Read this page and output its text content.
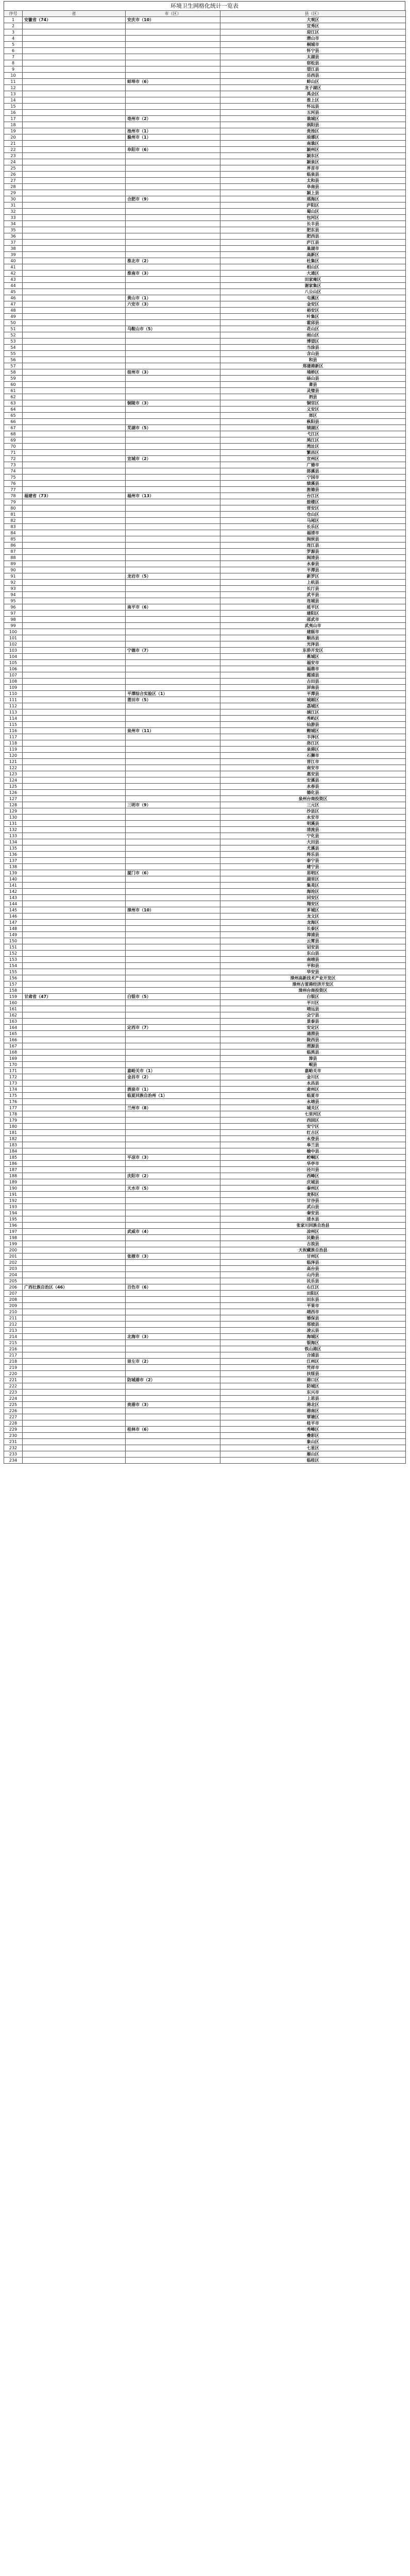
环境卫生网格化统计一览表
序号	省	市（区）	县（区）
1	安徽省（74）	安庆市（10）	大观区
2			宜秀区
3			迎江区
4			潜山市
5			桐城市
6			怀宁县
7			太湖县
8			宿松县
9			望江县
10			岳西县
11		蚌埠市（6）	蚌山区
12			龙子湖区
13			禹会区
14			淮上区
15			怀远县
16			五河县
17		亳州市（2）	谯城区
18			涡阳县
19		池州市（1）	贵池区
20		滁州市（1）	琅琊区
21			南谯区
22		阜阳市（6）	颍州区
23			颍东区
24			颍泉区
25			界首市
26			临泉县
27			太和县
28			阜南县
29			颍上县
30		合肥市（9）	瑶海区
31			庐阳区
32			蜀山区
33			包河区
34			长丰县
35			肥东县
36			肥西县
37			庐江县
38			巢湖市
39			高新区
40		淮北市（2）	杜集区
41			相山区
42		淮南市（3）	大通区
43			田家庵区
44			谢家集区
45			八公山区
46		黄山市（1）	屯溪区
47		六安市（3）	金安区
48			裕安区
49			叶集区
50			霍邱县
51		马鞍山市（5）	花山区
52			雨山区
53			博望区
54			当涂县
55			含山县
56			和县
57			郑蒲港新区
58		宿州市（3）	埇桥区
59			砀山县
60			萧县
61			灵璧县
62			泗县
63		铜陵市（3）	铜官区
64			义安区
65			郊区
66			枞阳县
67		芜湖市（5）	镜湖区
68			弋江区
69			鸠江区
70			湾沚区
71			繁昌区
72		宣城市（2）	宣州区
73			广德市
74			郎溪县
75			宁国市
76			绩溪县
77			旌德县
78	福建省（73）	福州市（13）	台江区
79			鼓楼区
80			晋安区
81			仓山区
82			马尾区
83			长乐区
84			福清市
85			闽侯县
86			连江县
87			罗源县
88			闽清县
89			永泰县
90			平潭县
91		龙岩市（5）	新罗区
92			上杭县
93			长汀县
94			武平县
95			连城县
96		南平市（6）	延平区
97			建阳区
98			邵武市
99			武夷山市
100			建瓯市
101			顺昌县
102			光泽县
103		宁德市（7）	东侨开发区
104			蕉城区
105			福安市
106			福鼎市
107			霞浦县
108			古田县
109			屏南县
110		平潭综合实验区（1）	平潭县
111		莆田市（5）	城厢区
112			荔城区
113			涵江区
114			秀屿区
115			仙游县
116		泉州市（11）	鲤城区
117			丰泽区
118			洛江区
119			泉港区
120			石狮市
121			晋江市
122			南安市
123			惠安县
124			安溪县
125			永春县
126			德化县
127			泉州台商投资区
128		三明市（9）	三元区
129			沙县区
130			永安市
131			明溪县
132			清流县
133			宁化县
134			大田县
135			尤溪县
136			将乐县
137			泰宁县
138			建宁县
139		厦门市（6）	思明区
140			湖里区
141			集美区
142			海沧区
143			同安区
144			翔安区
145		漳州市（10）	芗城区
146			龙文区
147			龙海区
148			长泰区
149			漳浦县
150			云霄县
151			诏安县
152			东山县
153			南靖县
154			平和县
155			华安县
156			漳州高新技术产业开发区
157			漳州古雷港经济开发区
158			漳州台商投资区
159	甘肃省（47）	白银市（5）	白银区
160			平川区
161			靖远县
162			会宁县
163			景泰县
164		定西市（7）	安定区
165			通渭县
166			陇西县
167			渭源县
168			临洮县
169			漳县
170			岷县
171		嘉峪关市（1）	嘉峪关市
172		金昌市（2）	金川区
173			永昌县
174		酒泉市（1）	肃州区
175		临夏回族自治州（1）	临夏市
176			永靖县
177		兰州市（8）	城关区
178			七里河区
179			西固区
180			安宁区
181			红古区
182			永登县
183			皋兰县
184			榆中县
185		平凉市（3）	崆峒区
186			华亭市
187			泾川县
188		庆阳市（2）	西峰区
189			庆城县
190		天水市（5）	秦州区
191			麦积区
192			甘谷县
193			武山县
194			秦安县
195			清水县
196			张家川回族自治县
197		武威市（4）	凉州区
198			民勤县
199			古浪县
200			天祝藏族自治县
201		张掖市（3）	甘州区
202			临泽县
203			高台县
204			山丹县
205			民乐县
206	广西壮族自治区（46）	百色市（6）	右江区
207			田阳区
208			田东县
209			平果市
210			靖西市
211			德保县
212			那坡县
213			凌云县
214		北海市（3）	海城区
215			银海区
216			铁山港区
217			合浦县
218		崇左市（2）	江州区
219			凭祥市
220			扶绥县
221		防城港市（2）	港口区
222			防城区
223			东兴市
224			上思县
225		贵港市（3）	港北区
226			港南区
227			覃塘区
228			桂平市
229		桂林市（6）	秀峰区
230			叠彩区
231			象山区
232			七星区
233			雁山区
234			临桂区
